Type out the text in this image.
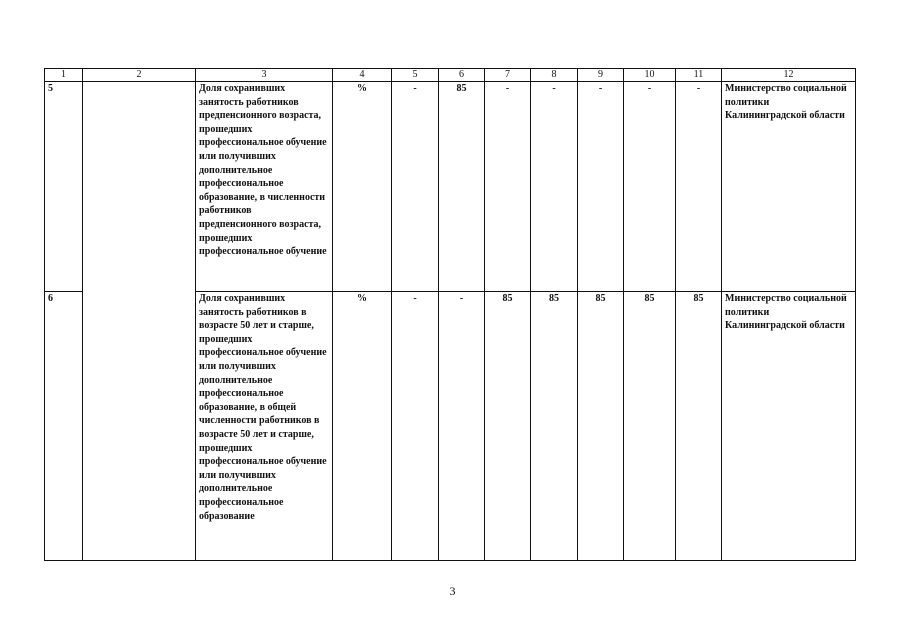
1	2	3	4	5	6	7	8	9	10	11	12
5		Доля сохранивших занятость работников предпенсионного возраста, прошедших профессиональное обучение или получивших дополнительное профессиональное образование, в численности работников предпенсионного возраста, прошедших профессиональное обучение	%	-	85	-	-	-	-	-	Министерство социальной политики Калининградской области
6		Доля сохранивших занятость работников в возрасте 50 лет и старше, прошедших профессиональное обучение или получивших дополнительное профессиональное образование, в общей численности работников в возрасте 50 лет и старше, прошедших профессиональное обучение или получивших дополнительное профессиональное образование	%	-	-	85	85	85	85	85	Министерство социальной политики Калининградской области
3
